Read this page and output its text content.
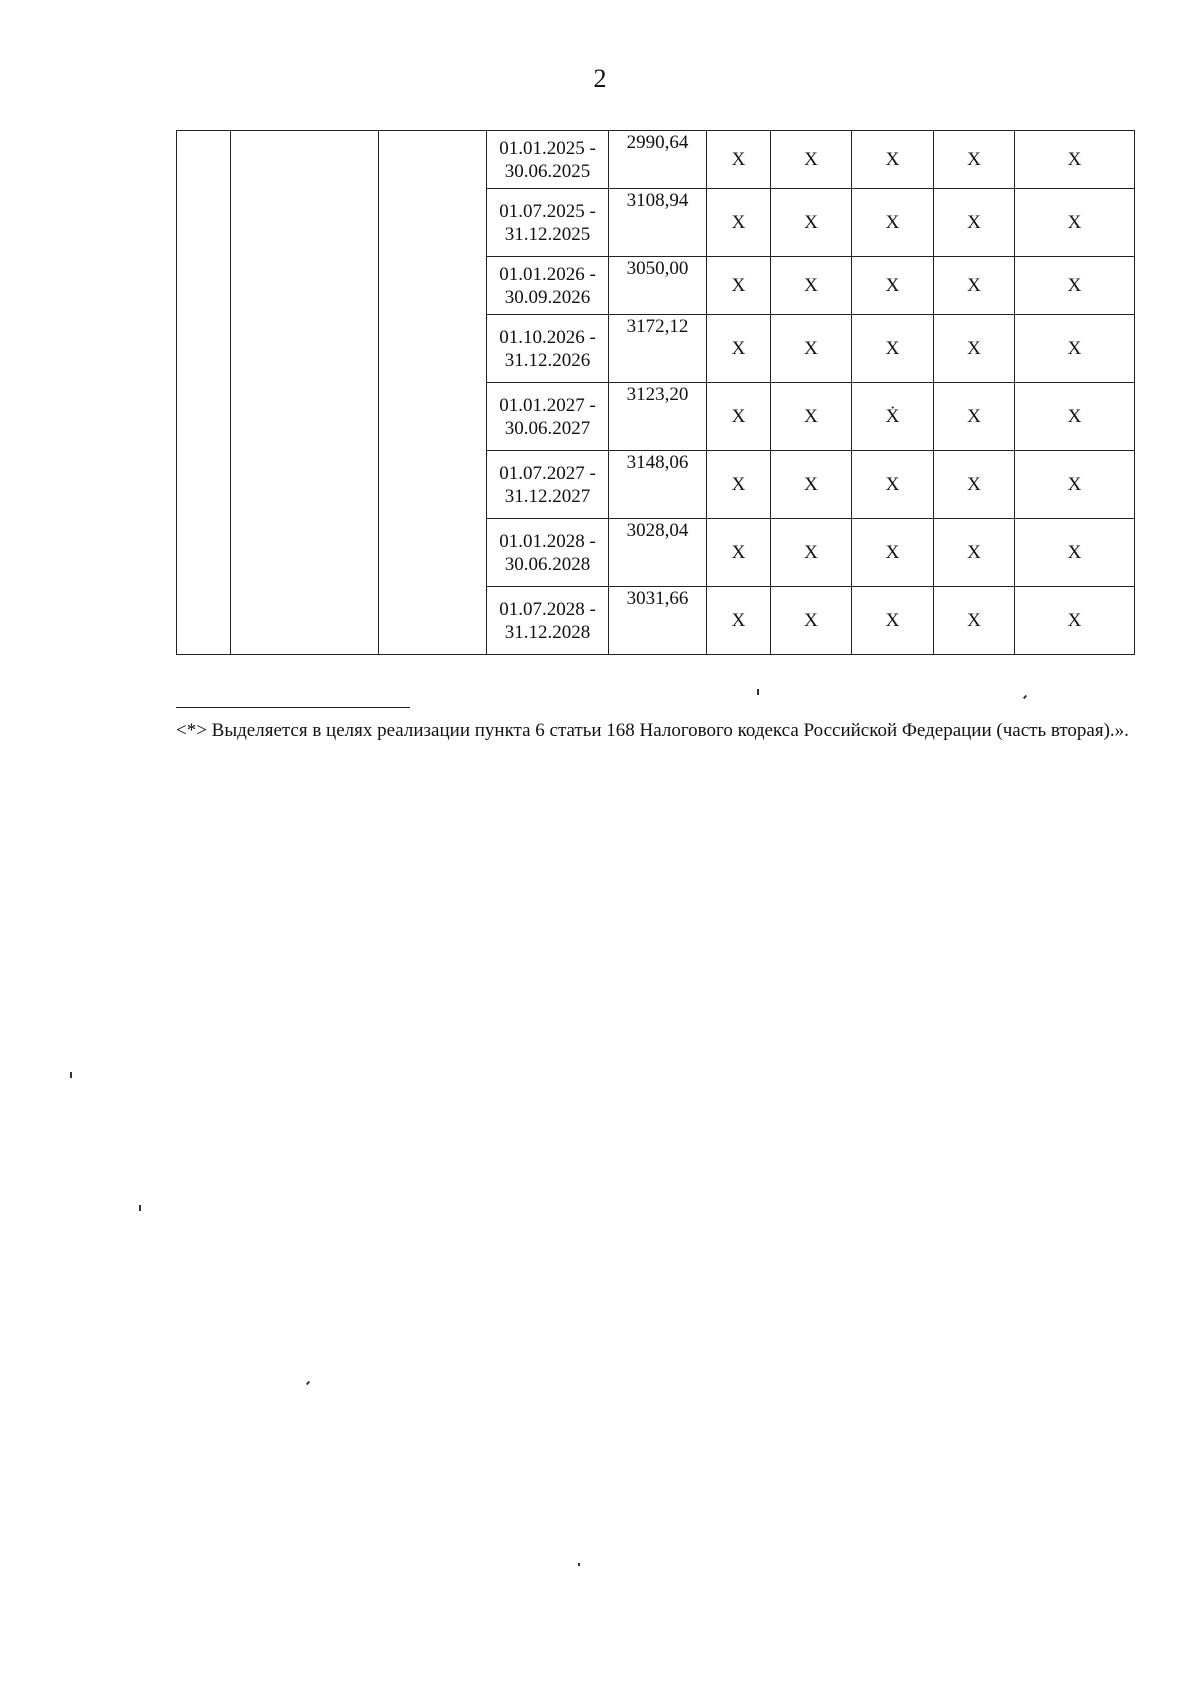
2

			01.01.2025 -
30.06.2025	2990,64	X	X	X	X	X

			01.07.2025 -
31.12.2025	3108,94	X	X	X	X	X

			01.01.2026 -
30.09.2026	3050,00	X	X	X	X	X

			01.10.2026 -
31.12.2026	3172,12	X	X	X	X	X

			01.01.2027 -
30.06.2027	3123,20	X	X	Ẋ	X	X

			01.07.2027 -
31.12.2027	3148,06	X	X	X	X	X

			01.01.2028 -
30.06.2028	3028,04	X	X	X	X	X

			01.07.2028 -
31.12.2028	3031,66	X	X	X	X	X
<*> Выделяется в целях реализации пункта 6 статьи 168 Налогового кодекса Российской Федерации (часть вторая).».
